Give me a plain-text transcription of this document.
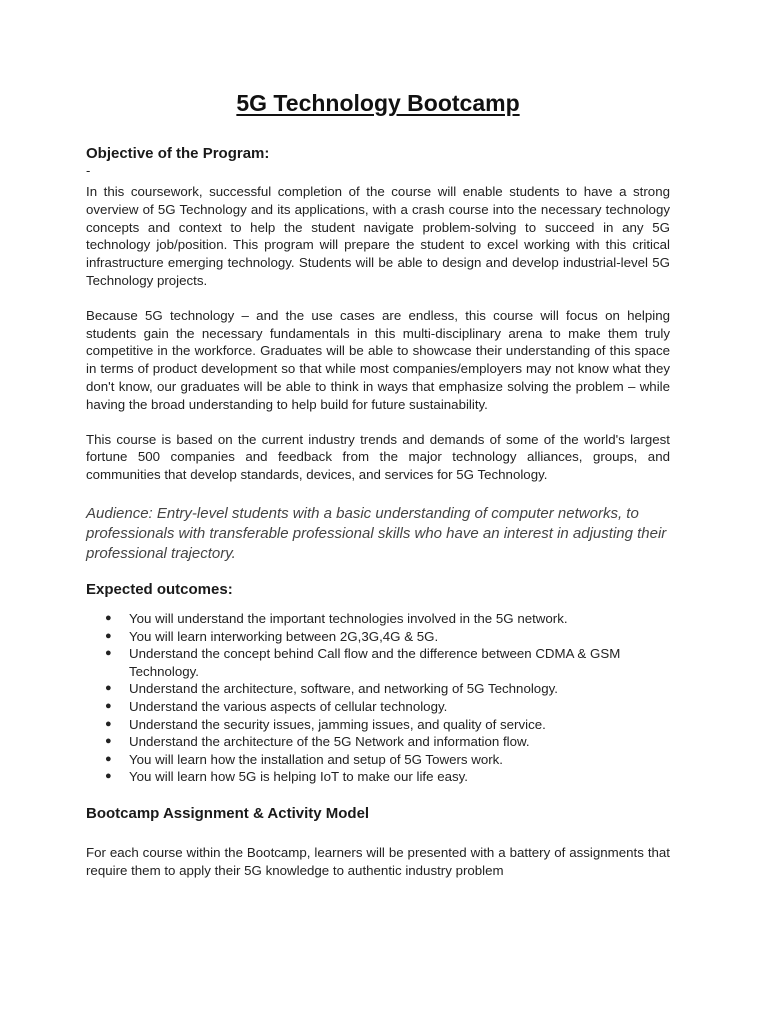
5G Technology Bootcamp
Objective of the Program:
-

In this coursework, successful completion of the course will enable students to have a strong overview of 5G Technology and its applications, with a crash course into the necessary technology concepts and context to help the student navigate problem-solving to succeed in any 5G technology job/position. This program will prepare the student to excel working with this critical infrastructure emerging technology. Students will be able to design and develop industrial-level 5G Technology projects.

Because 5G technology – and the use cases are endless, this course will focus on helping students gain the necessary fundamentals in this multi-disciplinary arena to make them truly competitive in the workforce. Graduates will be able to showcase their understanding of this space in terms of product development so that while most companies/employers may not know what they don't know, our graduates will be able to think in ways that emphasize solving the problem – while having the broad understanding to help build for future sustainability.

This course is based on the current industry trends and demands of some of the world's largest fortune 500 companies and feedback from the major technology alliances, groups, and communities that develop standards, devices, and services for 5G Technology.

Audience: Entry-level students with a basic understanding of computer networks, to professionals with transferable professional skills who have an interest in adjusting their professional trajectory.

Expected outcomes:
● You will understand the important technologies involved in the 5G network.
● You will learn interworking between 2G,3G,4G & 5G.
● Understand the concept behind Call flow and the difference between CDMA & GSM Technology.
● Understand the architecture, software, and networking of 5G Technology.
● Understand the various aspects of cellular technology.
● Understand the security issues, jamming issues, and quality of service.
● Understand the architecture of the 5G Network and information flow.
● You will learn how the installation and setup of 5G Towers work.
● You will learn how 5G is helping IoT to make our life easy.
Bootcamp Assignment & Activity Model

For each course within the Bootcamp, learners will be presented with a battery of assignments that require them to apply their 5G knowledge to authentic industry problem
